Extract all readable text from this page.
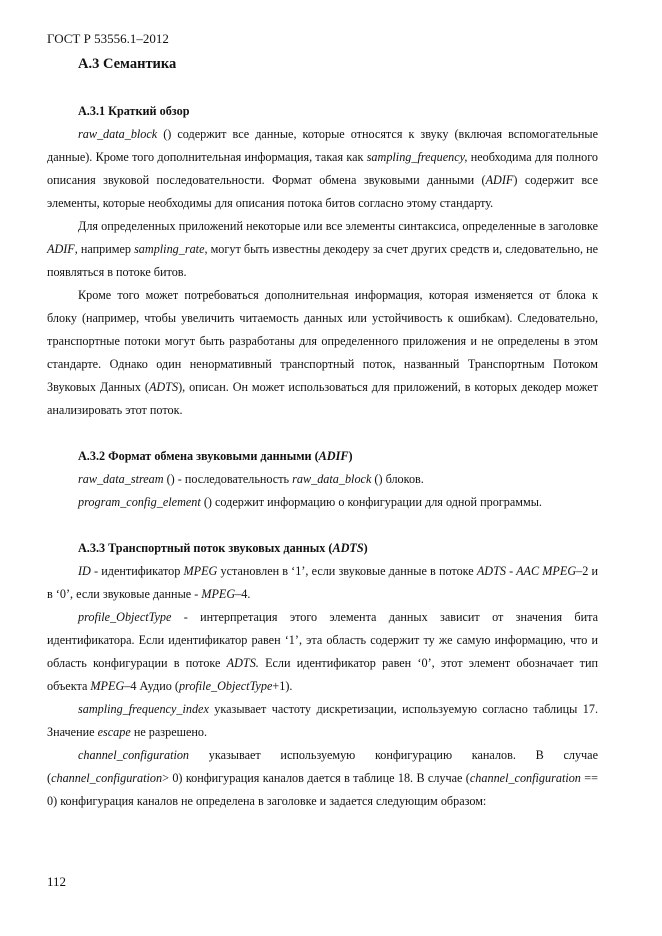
ГОСТ Р 53556.1–2012
А.3 Семантика
А.3.1 Краткий обзор

raw_data_block () содержит все данные, которые относятся к звуку (включая вспомогательные данные). Кроме того дополнительная информация, такая как sampling_frequency, необходима для полного описания звуковой последовательности. Формат обмена звуковыми данными (ADIF) содержит все элементы, которые необходимы для описания потока битов согласно этому стандарту.

Для определенных приложений некоторые или все элементы синтаксиса, определенные в заголовке ADIF, например sampling_rate, могут быть известны декодеру за счет других средств и, следовательно, не появляться в потоке битов.

Кроме того может потребоваться дополнительная информация, которая изменяется от блока к блоку (например, чтобы увеличить читаемость данных или устойчивость к ошибкам). Следовательно, транспортные потоки могут быть разработаны для определенного приложения и не определены в этом стандарте. Однако один ненормативный транспортный поток, названный Транспортным Потоком Звуковых Данных (ADTS), описан. Он может использоваться для приложений, в которых декодер может анализировать этот поток.

А.3.2 Формат обмена звуковыми данными (ADIF)

raw_data_stream () - последовательность raw_data_block () блоков.

program_config_element () содержит информацию о конфигурации для одной программы.

А.3.3 Транспортный поток звуковых данных (ADTS)

ID - идентификатор MPEG установлен в ‘1’, если звуковые данные в потоке ADTS - AAC MPEG–2 и в ‘0’, если звуковые данные - MPEG–4.

profile_ObjectType - интерпретация этого элемента данных зависит от значения бита идентификатора. Если идентификатор равен ‘1’, эта область содержит ту же самую информацию, что и область конфигурации в потоке ADTS. Если идентификатор равен ‘0’, этот элемент обозначает тип объекта MPEG–4 Аудио (profile_ObjectType+1).

sampling_frequency_index указывает частоту дискретизации, используемую согласно таблицы 17. Значение escape не разрешено.

channel_configuration указывает используемую конфигурацию каналов. В случае (channel_configuration> 0) конфигурация каналов дается в таблице 18. В случае (channel_configuration == 0) конфигурация каналов не определена в заголовке и задается следующим образом:

112
